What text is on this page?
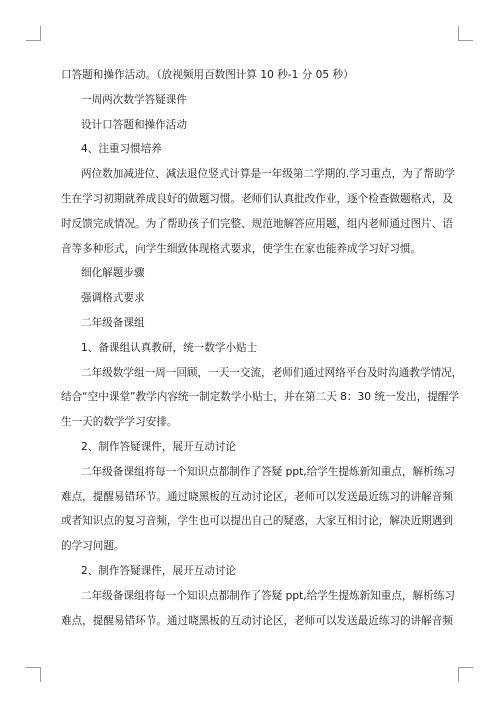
口答题和操作活动。（放视频用百数图计算 10 秒-1 分 05 秒）

一周两次数学答疑课件

设计口答题和操作活动

4、注重习惯培养

两位数加减进位、减法退位竖式计算是一年级第二学期的.学习重点，为了帮助学

生在学习初期就养成良好的做题习惯。老师们认真批改作业，逐个检查做题格式，及

时反馈完成情况。为了帮助孩子们完整、规范地解答应用题，组内老师通过图片、语

音等多种形式，向学生细致体现格式要求，使学生在家也能养成学习好习惯。

细化解题步骤

强调格式要求

二年级备课组

1、备课组认真教研，统一数学小贴士

二年级数学组一周一回顾，一天一交流，老师们通过网络平台及时沟通教学情况，

结合“空中课堂”教学内容统一制定数学小贴士，并在第二天 8：30 统一发出，提醒学

生一天的数学学习安排。

2、制作答疑课件，展开互动讨论

二年级备课组将每一个知识点都制作了答疑 ppt,给学生提炼新知重点，解析练习

难点，提醒易错环节。通过晓黑板的互动讨论区，老师可以发送最近练习的讲解音频

或者知识点的复习音频，学生也可以提出自己的疑惑，大家互相讨论，解决近期遇到

的学习问题。

2、制作答疑课件，展开互动讨论

二年级备课组将每一个知识点都制作了答疑 ppt,给学生提炼新知重点，解析练习

难点，提醒易错环节。通过晓黑板的互动讨论区，老师可以发送最近练习的讲解音频
